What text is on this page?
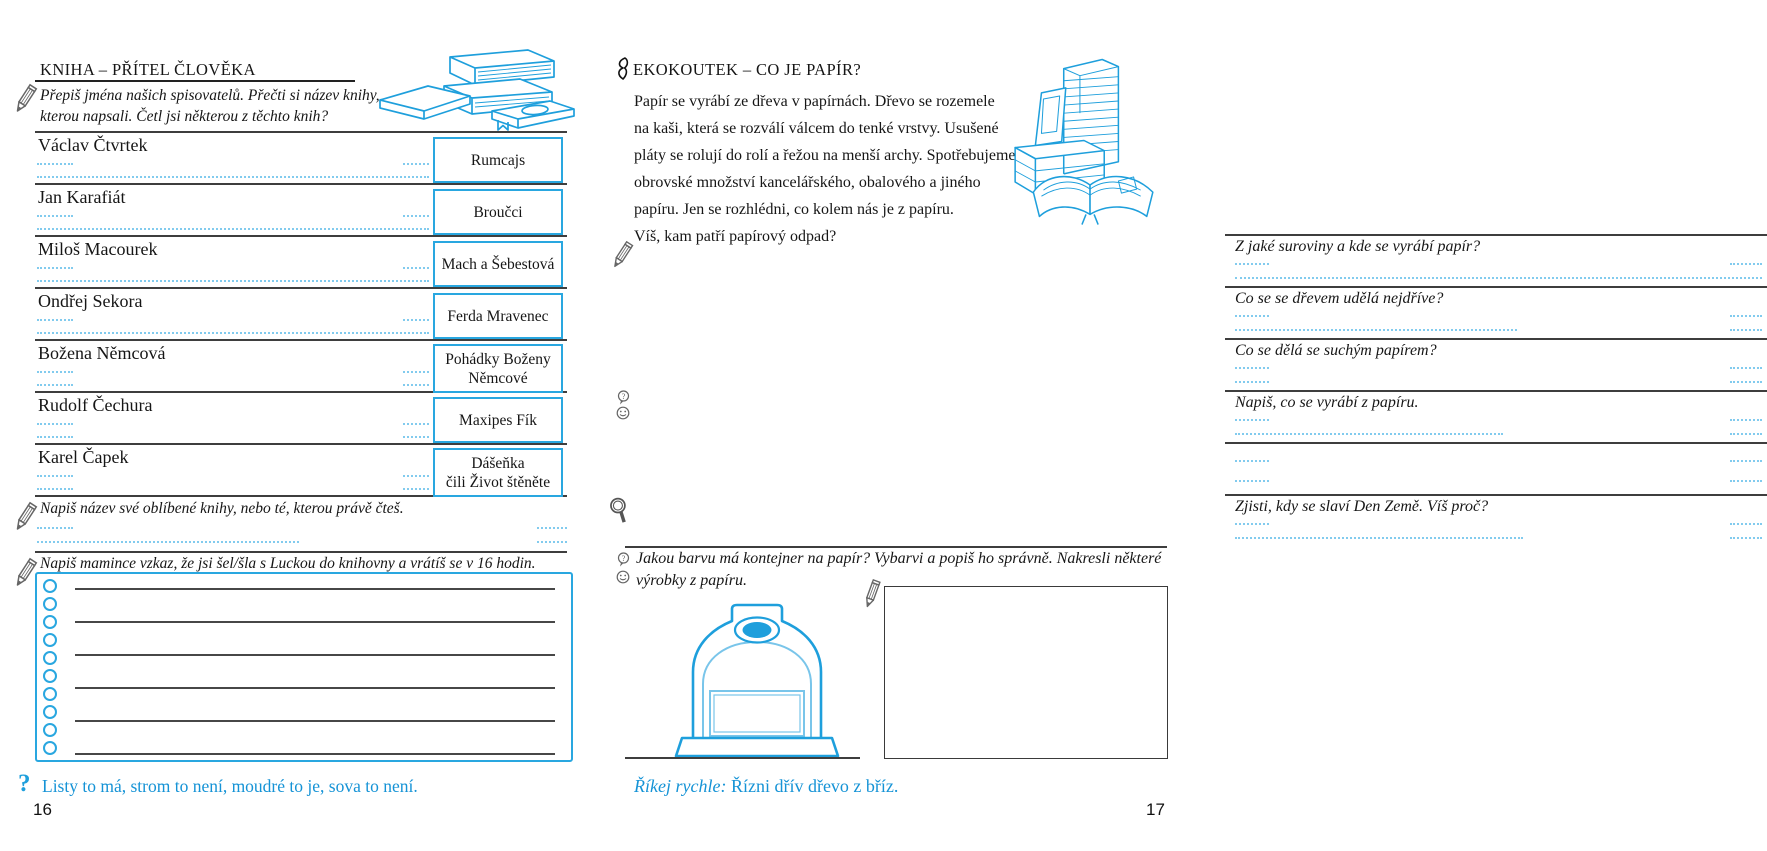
KNIHA – PŘÍTEL ČLOVĚKA
Přepiš jména našich spisovatelů. Přečti si název knihy,
kterou napsali. Četl jsi některou z těchto knih?
Václav Čtvrtek
Rumcajs
Jan Karafiát
Broučci
Miloš Macourek
Mach a Šebestová
Ondřej Sekora
Ferda Mravenec
Božena Němcová	Pohádky Boženy
Němcové
Rudolf Čechura
Maxipes Fík
Karel Čapek	Dášeňka
čili Život štěněte
Napiš název své oblíbené knihy, nebo té, kterou právě čteš.
Napiš mamince vzkaz, že jsi šel/šla s Luckou do knihovny a vrátíš se v 16 hodin.
? Listy to má, strom to není, moudré to je, sova to není.
16
EKOKOUTEK – CO JE PAPÍR?
Papír se vyrábí ze dřeva v papírnách. Dřevo se rozemele
na kaši, která se rozválí válcem do tenké vrstvy. Usušené
pláty se rolují do rolí a řežou na menší archy. Spotřebujeme
obrovské množství kancelářského, obalového a jiného
papíru. Jen se rozhlédni, co kolem nás je z papíru.
Víš, kam patří papírový odpad?
Z jaké suroviny a kde se vyrábí papír?
Co se se dřevem udělá nejdříve?
Co se dělá se suchým papírem?
Napiš, co se vyrábí z papíru.
Zjisti, kdy se slaví Den Země. Víš proč?
?
? Jakou barvu má kontejner na papír? Vybarvi a popiš ho správně. Nakresli některé
výrobky z papíru.
Říkej rychle: Řízni dřív dřevo z bříz.
17
